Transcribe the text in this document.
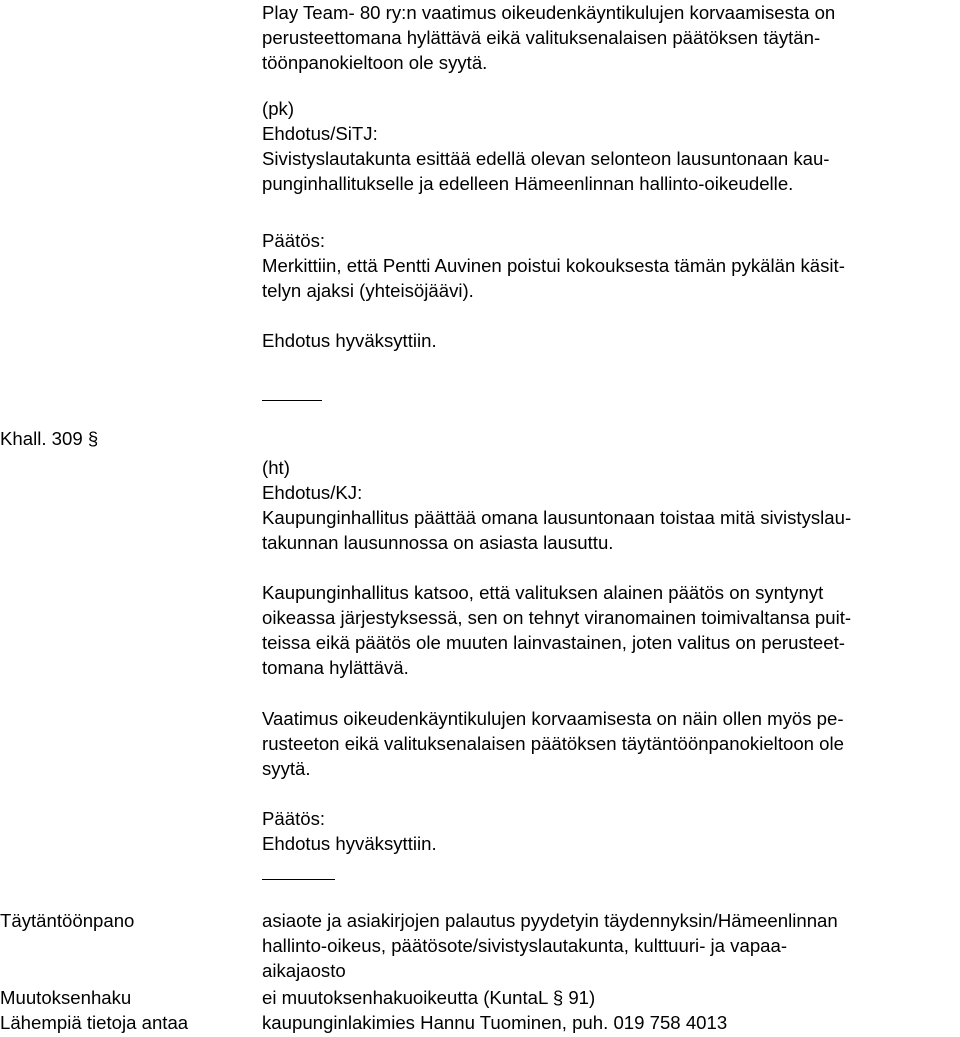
Play Team- 80 ry:n vaatimus oikeudenkäyntikulujen korvaamisesta on
perusteettomana hylättävä eikä valituksenalaisen päätöksen täytän-
töönpanokieltoon ole syytä.
(pk)
Ehdotus/SiTJ:
Sivistyslautakunta esittää edellä olevan selonteon lausuntonaan kau-
punginhallitukselle ja edelleen Hämeenlinnan hallinto-oikeudelle.
Päätös:
Merkittiin, että Pentti Auvinen poistui kokouksesta tämän pykälän käsit-
telyn ajaksi (yhteisöjäävi).
Ehdotus hyväksyttiin.
Khall. 309 §
(ht)
Ehdotus/KJ:
Kaupunginhallitus päättää omana lausuntonaan toistaa mitä sivistyslau-
takunnan lausunnossa on asiasta lausuttu.
Kaupunginhallitus katsoo, että valituksen alainen päätös on syntynyt
oikeassa järjestyksessä, sen on tehnyt viranomainen toimivaltansa puit-
teissa eikä päätös ole muuten lainvastainen, joten valitus on perusteet-
tomana hylättävä.
Vaatimus oikeudenkäyntikulujen korvaamisesta on näin ollen myös pe-
rusteeton eikä valituksenalaisen päätöksen täytäntöönpanokieltoon ole
syytä.
Päätös:
Ehdotus hyväksyttiin.
Täytäntöönpano	asiaote ja asiakirjojen palautus pyydetyin täydennyksin/Hämeenlinnan
hallinto-oikeus, päätösote/sivistyslautakunta, kulttuuri- ja vapaa-
aikajaosto
Muutoksenhaku	ei muutoksenhakuoikeutta (KuntaL § 91)
Lähempiä tietoja antaa	kaupunginlakimies Hannu Tuominen, puh. 019 758 4013
